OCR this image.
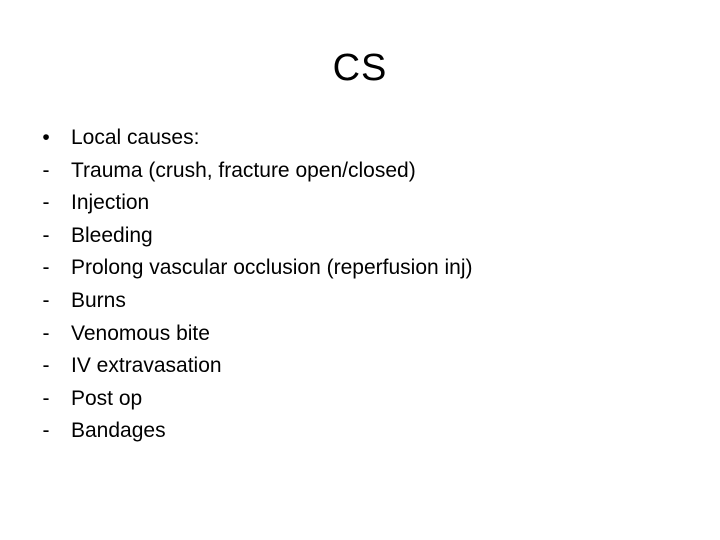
CS
• Local causes:
- Trauma (crush, fracture open/closed)
- Injection
- Bleeding
- Prolong vascular occlusion (reperfusion inj)
- Burns
- Venomous bite
- IV extravasation
- Post op
- Bandages
